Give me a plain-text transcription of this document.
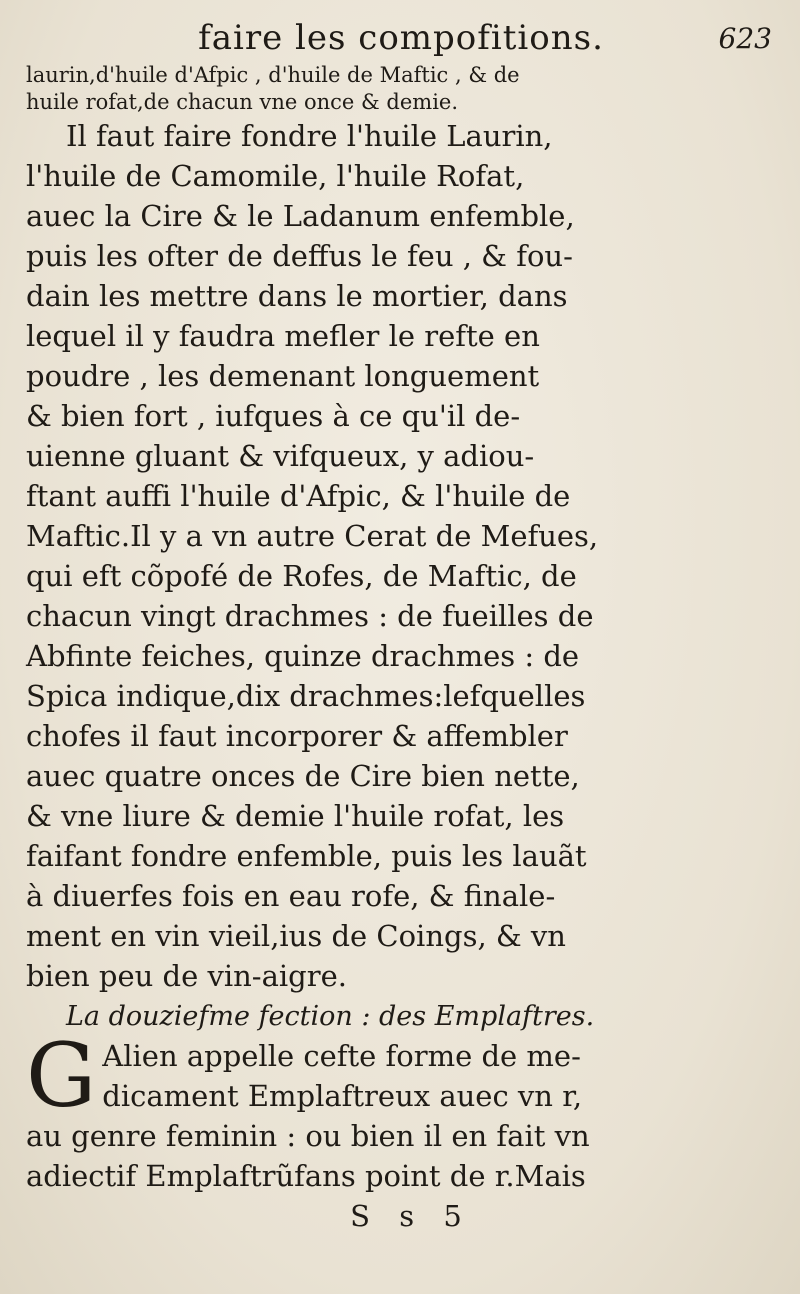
faire les compofitions.	623
laurin,d'huile d'Afpic , d'huile de Maftic , & de
huile rofat,de chacun vne once & demie.
Il faut faire fondre l'huile Laurin,
l'huile de Camomile, l'huile Rofat,
auec la Cire & le Ladanum enfemble,
puis les ofter de deffus le feu , & fou-
dain les mettre dans le mortier, dans
lequel il y faudra mefler le refte en
poudre , les demenant longuement
& bien fort , iufques à ce qu'il de-
uienne gluant & vifqueux, y adiou-
ftant auffi l'huile d'Afpic, & l'huile de
Maftic.Il y a vn autre Cerat de Mefues,
qui eft cõpofé de Rofes, de Maftic, de
chacun vingt drachmes : de fueilles de
Abfinte feiches, quinze drachmes : de
Spica indique,dix drachmes:lefquelles
chofes il faut incorporer & affembler
auec quatre onces de Cire bien nette,
& vne liure & demie l'huile rofat, les
faifant fondre enfemble, puis les lauãt
à diuerfes fois en eau rofe, & finale-
ment en vin vieil,ius de Coings, & vn
bien peu de vin-aigre.
La douziefme fection : des Emplaftres.
G Alien appelle cefte forme de me-
dicament Emplaftreux auec vn r,
au genre feminin : ou bien il en fait vn
adiectif Emplaftrũfans point de r.Mais
S s 5
